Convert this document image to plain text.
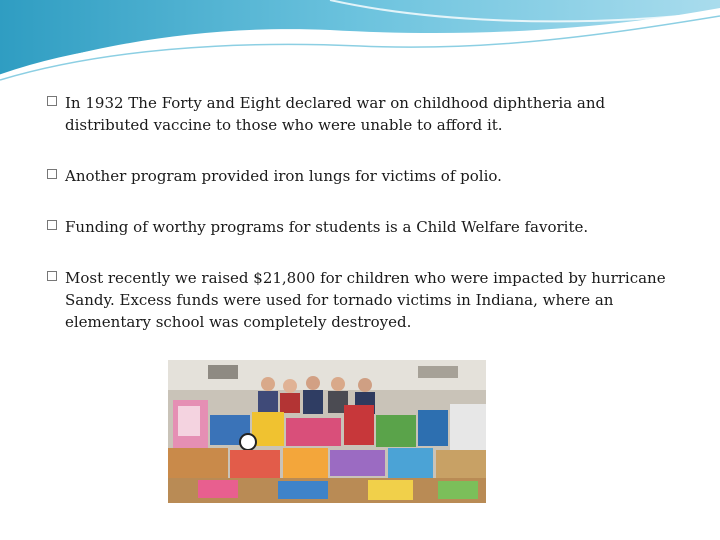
In 1932 The Forty and Eight declared war on childhood diphtheria and distributed vaccine to those who were unable to afford it.
Another program provided iron lungs for victims of polio.
Funding of worthy programs for students is a Child Welfare favorite.
Most recently we raised $21,800 for children who were impacted by hurricane Sandy. Excess funds were used for tornado victims in Indiana, where an elementary school was completely destroyed.
